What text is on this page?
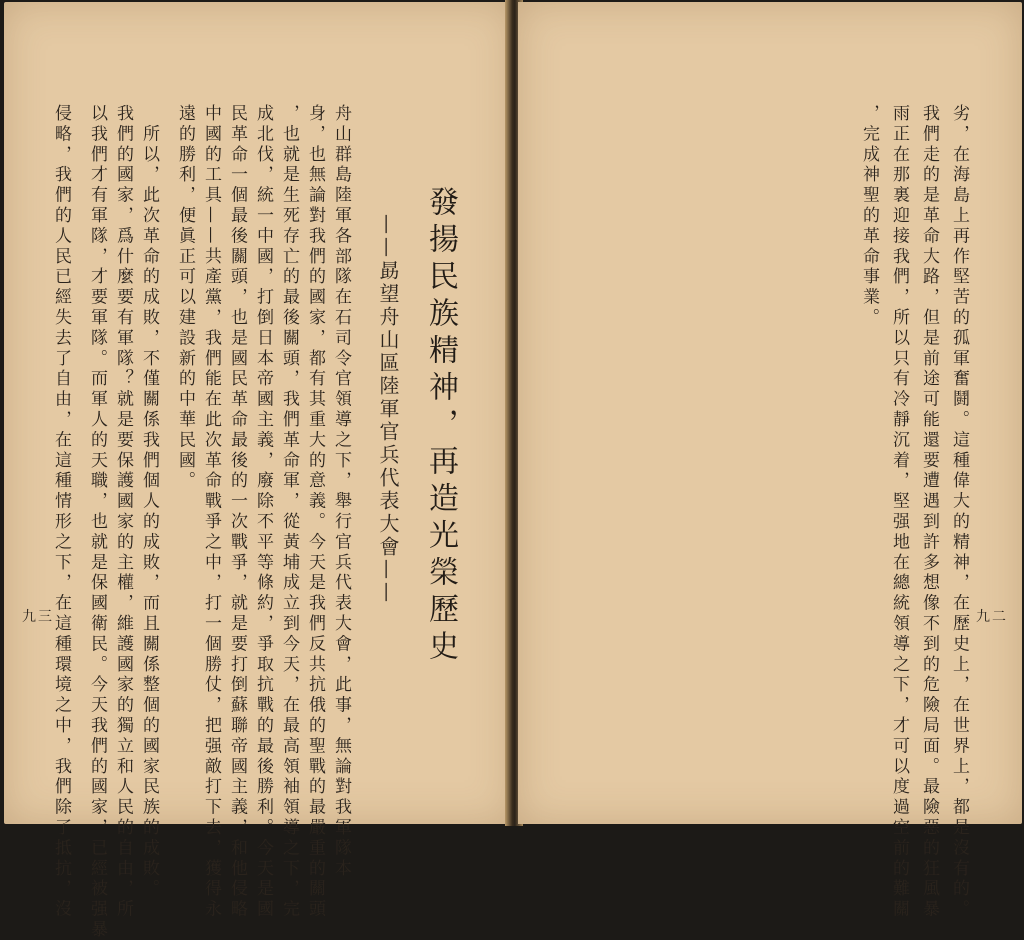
發揚民族精神，再造光榮歷史
——勗望舟山區陸軍官兵代表大會——
舟山群島陸軍各部隊在石司令官領導之下，舉行官兵代表大會，此事，無論對我軍隊本
身，也無論對我們的國家，都有其重大的意義。今天是我們反共抗俄的聖戰的最嚴重的關頭
，也就是生死存亡的最後關頭，我們革命軍，從黃埔成立到今天，在最高領袖領導之下，完
成北伐，統一中國，打倒日本帝國主義，廢除不平等條約，爭取抗戰的最後勝利。今天是國
民革命一個最後關頭，也是國民革命最後的一次戰爭，就是要打倒蘇聯帝國主義，和他侵略
中國的工具——共產黨，我們能在此次革命戰爭之中，打一個勝仗，把强敵打下去，獲得永
遠的勝利，便眞正可以建設新的中華民國。
　所以，此次革命的成敗，不僅關係我們個人的成敗，而且關係整個的國家民族的成敗。
我們的國家，爲什麼要有軍隊？就是要保護國家的主權，維護國家的獨立和人民的自由，所
以我們才有軍隊，才要軍隊。而軍人的天職，也就是保國衛民。今天我們的國家，已經被强暴
侵略，我們的人民已經失去了自由，在這種情形之下，在這種環境之中，我們除了抵抗，沒
九三	劣，在海島上再作堅苦的孤軍奮鬪。這種偉大的精神，在歷史上，在世界上，都是沒有的。
我們走的是革命大路，但是前途可能還要遭遇到許多想像不到的危險局面。最險惡的狂風暴
雨正在那裏迎接我們，所以只有冷靜沉着，堅强地在總統領導之下，才可以度過空前的難關
，完成神聖的革命事業。
九二
